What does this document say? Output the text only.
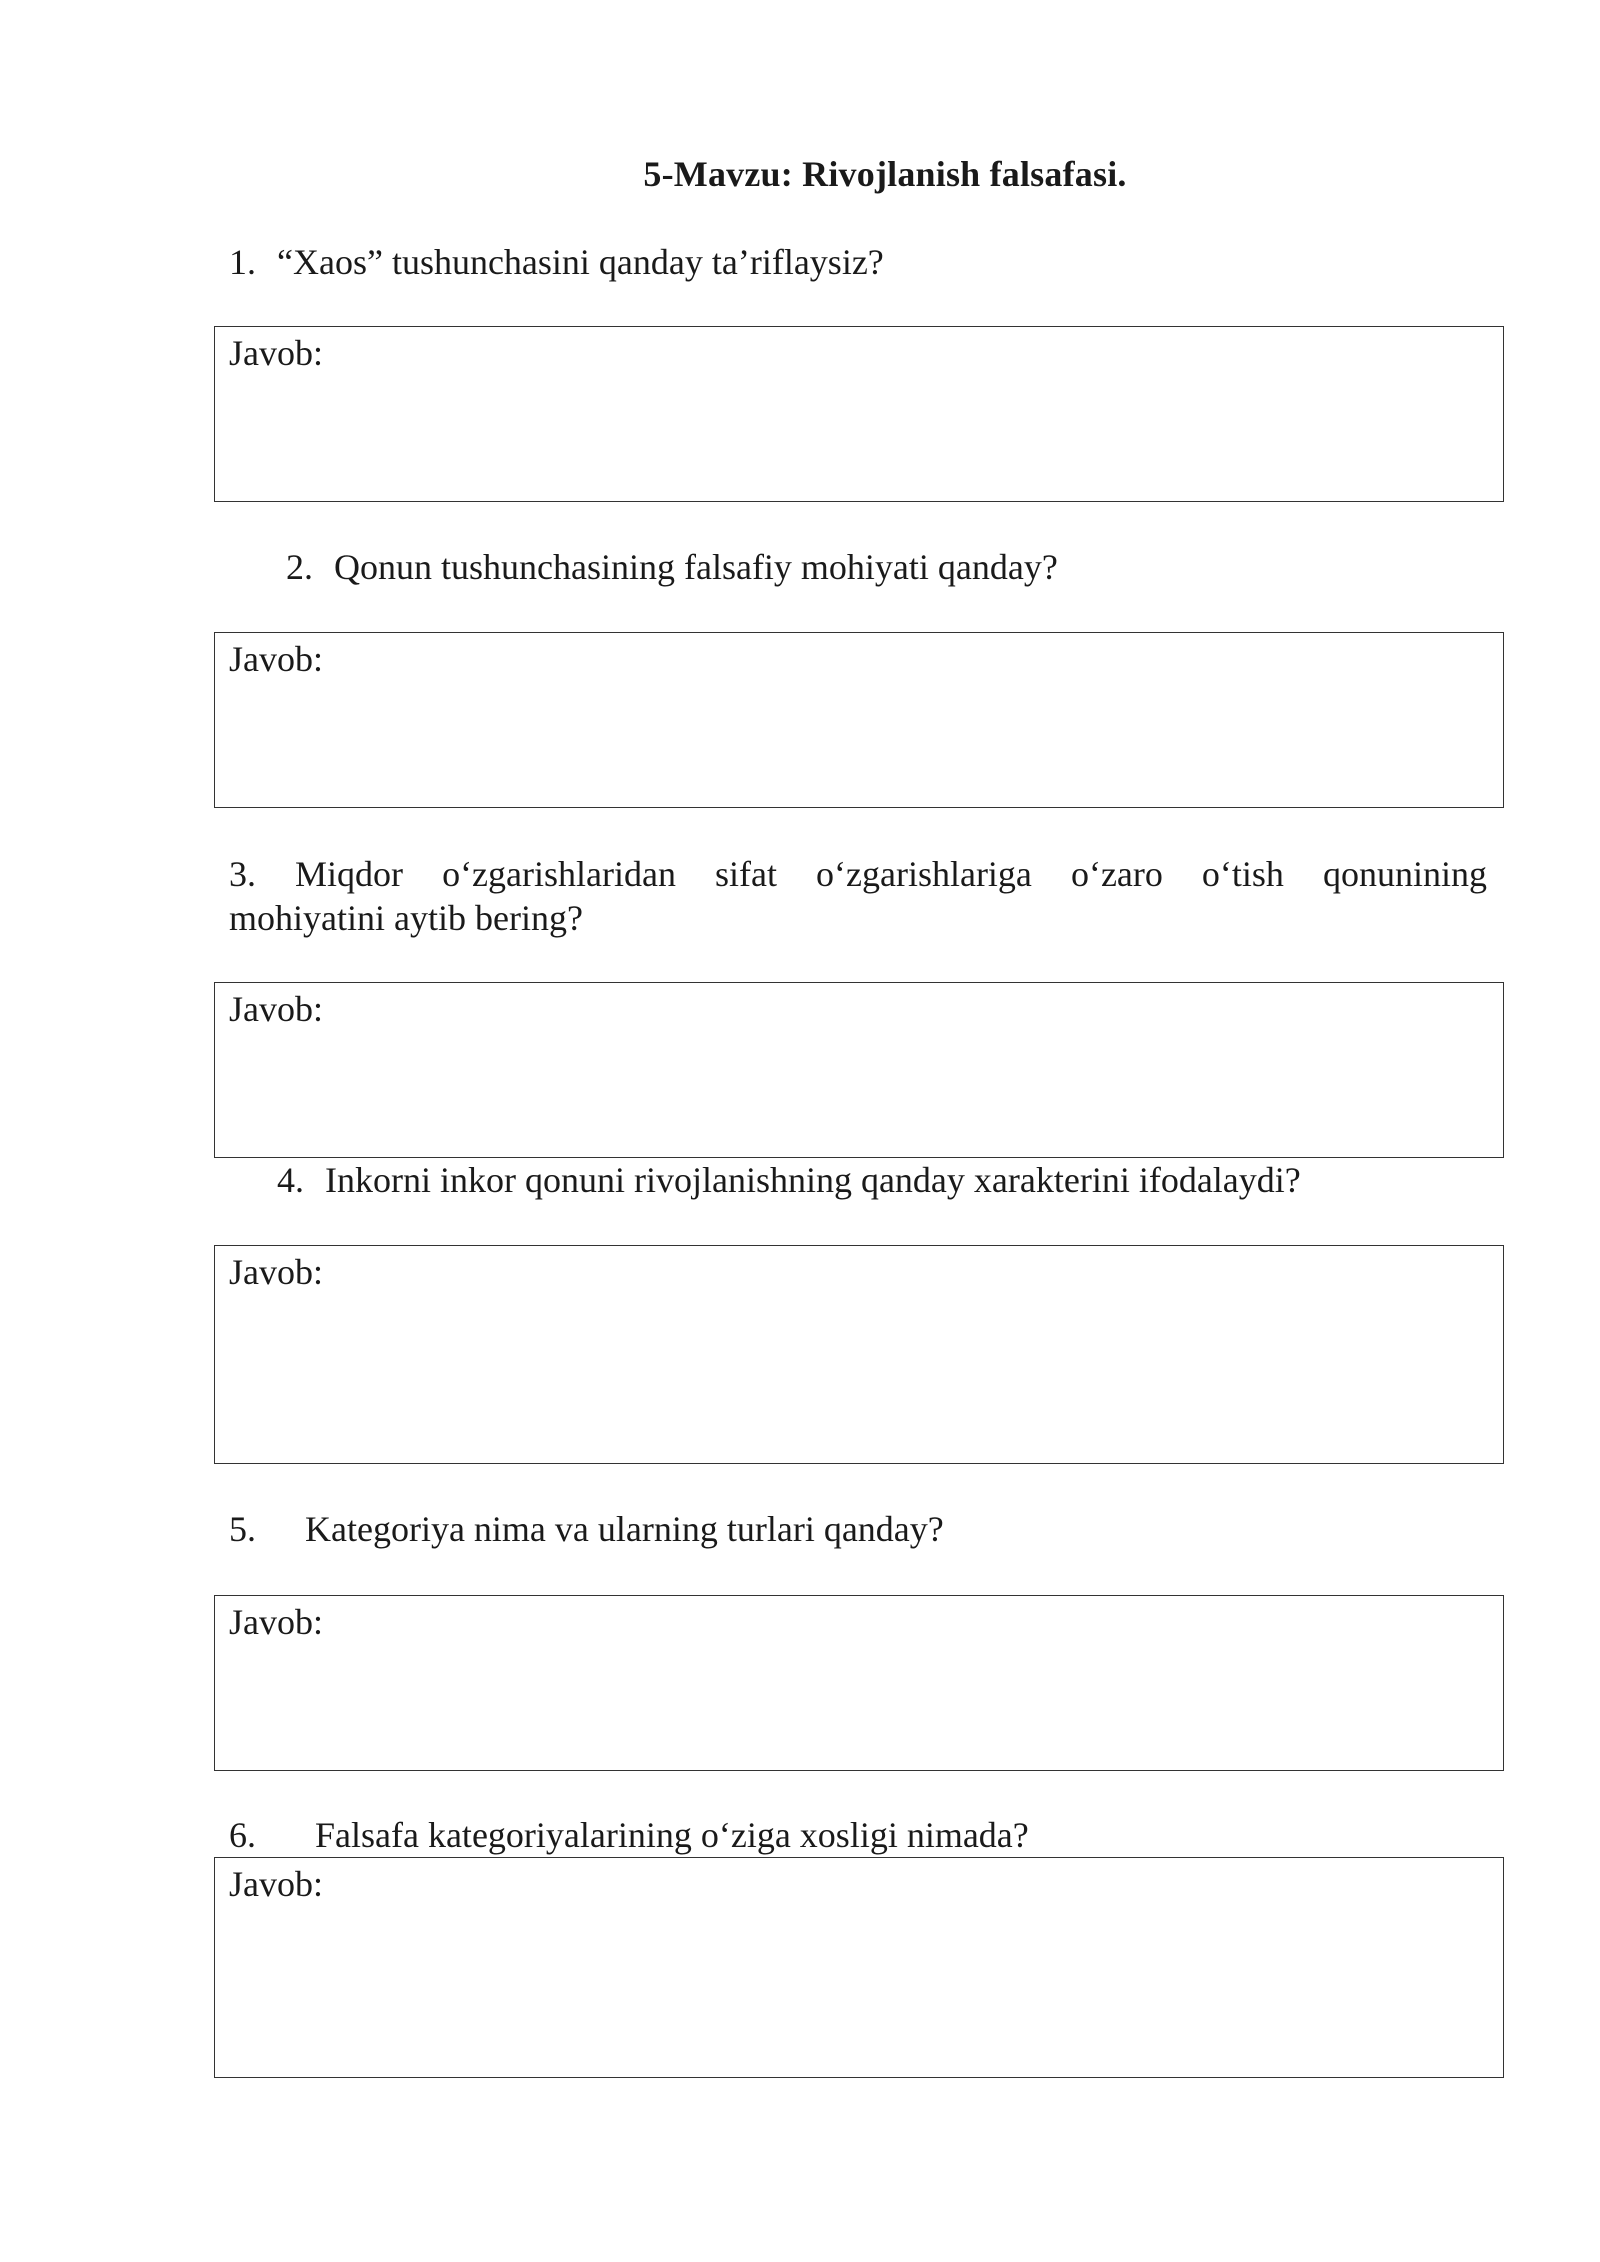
5-Mavzu: Rivojlanish falsafasi.
1. “Xaos” tushunchasini qanday ta’riflaysiz?
Javob:
2. Qonun tushunchasining falsafiy mohiyati qanday?
Javob:
3. Miqdor o‘zgarishlaridan sifat o‘zgarishlariga o‘zaro o‘tish qonunining
mohiyatini aytib bering?
Javob:
4. Inkorni inkor qonuni rivojlanishning qanday xarakterini ifodalaydi?
Javob:
5. Kategoriya nima va ularning turlari qanday?
Javob:
6. Falsafa kategoriyalarining o‘ziga xosligi nimada?
Javob:
